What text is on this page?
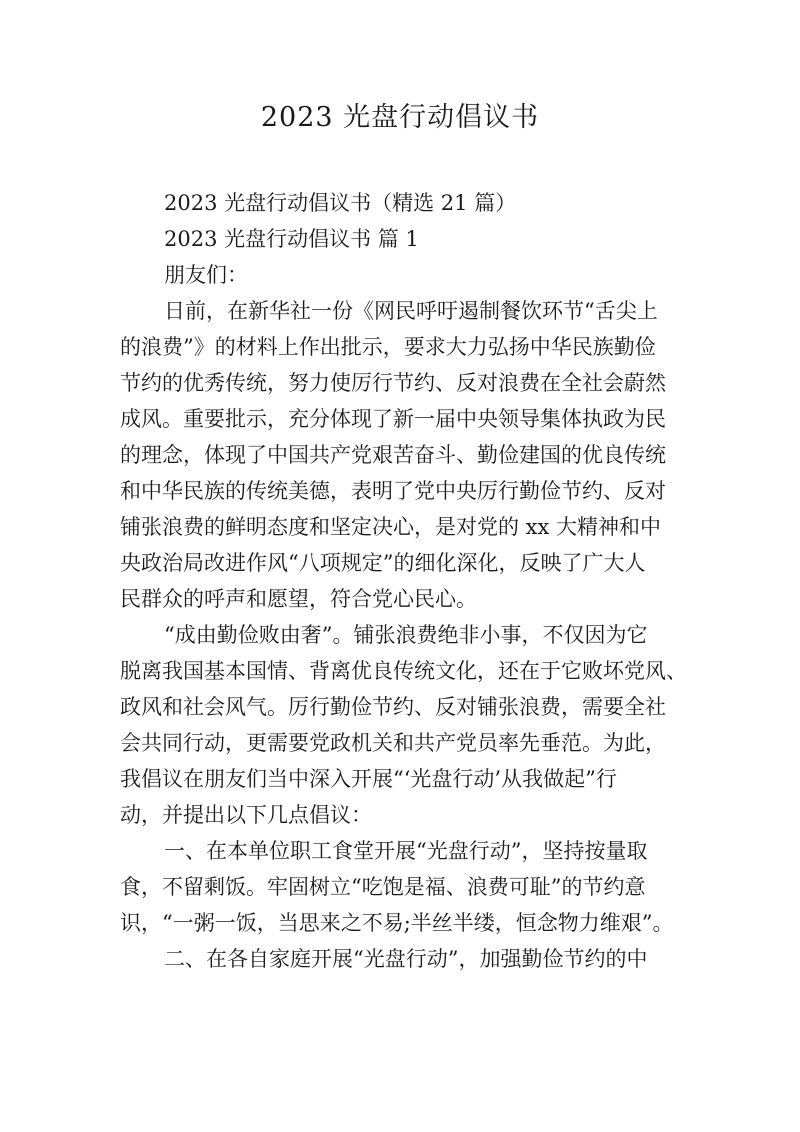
2023 光盘行动倡议书

2023 光盘行动倡议书（精选 21 篇）

2023 光盘行动倡议书 篇 1

朋友们：

日前，在新华社一份《网民呼吁遏制餐饮环节“舌尖上

的浪费”》的材料上作出批示，要求大力弘扬中华民族勤俭

节约的优秀传统，努力使厉行节约、反对浪费在全社会蔚然

成风。重要批示，充分体现了新一届中央领导集体执政为民

的理念，体现了中国共产党艰苦奋斗、勤俭建国的优良传统

和中华民族的传统美德，表明了党中央厉行勤俭节约、反对

铺张浪费的鲜明态度和坚定决心，是对党的 xx 大精神和中

央政治局改进作风“八项规定”的细化深化，反映了广大人

民群众的呼声和愿望，符合党心民心。

“成由勤俭败由奢”。铺张浪费绝非小事，不仅因为它

脱离我国基本国情、背离优良传统文化，还在于它败坏党风、

政风和社会风气。厉行勤俭节约、反对铺张浪费，需要全社

会共同行动，更需要党政机关和共产党员率先垂范。为此，

我倡议在朋友们当中深入开展“‘光盘行动’从我做起”行

动，并提出以下几点倡议：

一、在本单位职工食堂开展“光盘行动”，坚持按量取

食，不留剩饭。牢固树立“吃饱是福、浪费可耻”的节约意

识，“一粥一饭，当思来之不易;半丝半缕，恒念物力维艰”。

二、在各自家庭开展“光盘行动”，加强勤俭节约的中
